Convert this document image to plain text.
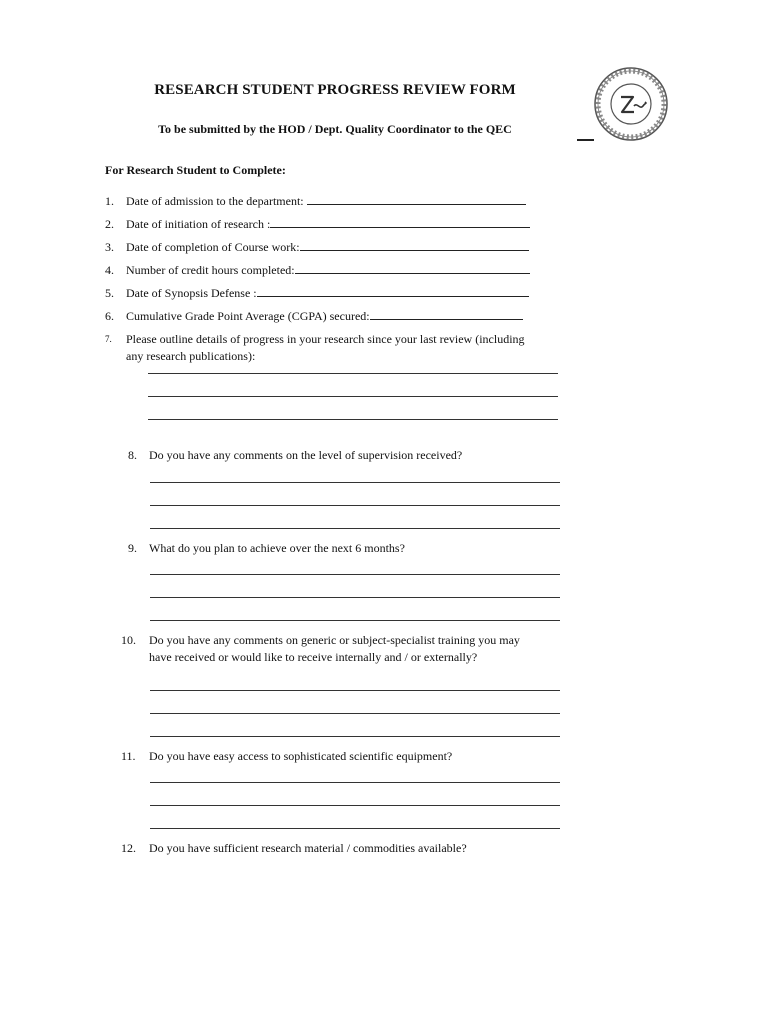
RESEARCH STUDENT PROGRESS REVIEW FORM
To be submitted by the HOD / Dept. Quality Coordinator to the QEC
For Research Student to Complete:
1. Date of admission to the department:
2. Date of initiation of research :
3. Date of completion of Course work:
4. Number of credit hours completed:
5. Date of Synopsis Defense :
6. Cumulative Grade Point Average (CGPA) secured:
7. Please outline details of progress in your research since your last review (including
any research publications):
8. Do you have any comments on the level of supervision received?
9. What do you plan to achieve over the next 6 months?
10. Do you have any comments on generic or subject-specialist training you may
have received or would like to receive internally and / or externally?
11. Do you have easy access to sophisticated scientific equipment?
12. Do you have sufficient research material / commodities available?
